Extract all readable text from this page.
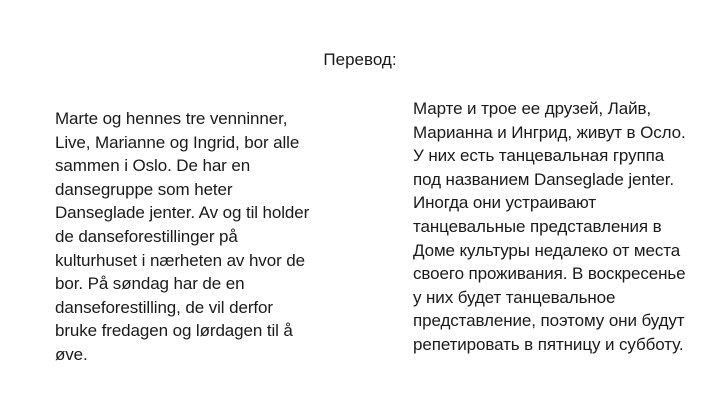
Перевод:
Marte og hennes tre venninner,
Live, Marianne og Ingrid, bor alle
sammen i Oslo. De har en
dansegruppe som heter
Danseglade jenter. Av og til holder
de danseforestillinger på
kulturhuset i nærheten av hvor de
bor. På søndag har de en
danseforestilling, de vil derfor
bruke fredagen og lørdagen til å
øve.
Марте и трое ее друзей, Лайв,
Марианна и Ингрид, живут в Осло.
У них есть танцевальная группа
под названием Danseglade jenter.
Иногда они устраивают
танцевальные представления в
Доме культуры недалеко от места
своего проживания. В воскресенье
у них будет танцевальное
представление, поэтому они будут
репетировать в пятницу и субботу.
